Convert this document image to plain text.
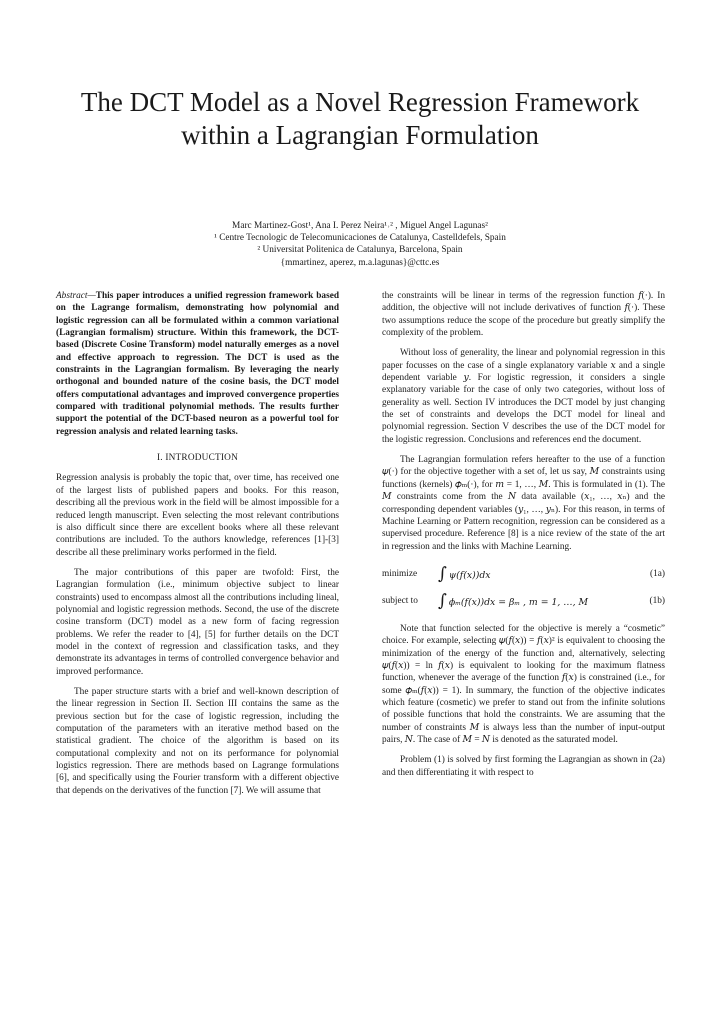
The DCT Model as a Novel Regression Framework within a Lagrangian Formulation
Marc Martinez-Gost¹, Ana I. Perez Neira¹˒² , Miguel Angel Lagunas²
¹ Centre Tecnologic de Telecomunicaciones de Catalunya, Castelldefels, Spain
² Universitat Politenica de Catalunya, Barcelona, Spain
{mmartinez, aperez, m.a.lagunas}@cttc.es

Abstract—This paper introduces a unified regression framework based on the Lagrange formalism, demonstrating how polynomial and logistic regression can all be formulated within a common variational (Lagrangian formalism) structure. Within this framework, the DCT-based (Discrete Cosine Transform) model naturally emerges as a novel and effective approach to regression. The DCT is used as the constraints in the Lagrangian formalism. By leveraging the nearly orthogonal and bounded nature of the cosine basis, the DCT model offers computational advantages and improved convergence properties compared with traditional polynomial methods. The results further support the potential of the DCT-based neuron as a powerful tool for regression analysis and related learning tasks.

I. INTRODUCTION

Regression analysis is probably the topic that, over time, has received one of the largest lists of published papers and books. For this reason, describing all the previous work in the field will be almost impossible for a reduced length manuscript. Even selecting the most relevant contributions is also difficult since there are excellent books where all these relevant contributions are included. To the authors knowledge, references [1]-[3] describe all these preliminary works performed in the field.

The major contributions of this paper are twofold: First, the Lagrangian formulation (i.e., minimum objective subject to linear constraints) used to encompass almost all the contributions including lineal, polynomial and logistic regression methods. Second, the use of the discrete cosine transform (DCT) model as a new form of facing regression problems. We refer the reader to [4], [5] for further details on the DCT model in the context of regression and classification tasks, and they demonstrate its advantages in terms of controlled convergence behavior and improved performance.

The paper structure starts with a brief and well-known description of the linear regression in Section II. Section III contains the same as the previous section but for the case of logistic regression, including the computation of the parameters with an iterative method based on the statistical gradient. The choice of the algorithm is based on its computational complexity and not on its performance for polynomial logistics regression. There are methods based on Lagrange formulations [6], and specifically using the Fourier transform with a different objective that depends on the derivatives of the function [7]. We will assume that

the constraints will be linear in terms of the regression function 𝑓(·). In addition, the objective will not include derivatives of function 𝑓(·). These two assumptions reduce the scope of the procedure but greatly simplify the complexity of the problem.

Without loss of generality, the linear and polynomial regression in this paper focusses on the case of a single explanatory variable 𝑥 and a single dependent variable 𝑦. For logistic regression, it considers a single explanatory variable for the case of only two categories, without loss of generality as well. Section IV introduces the DCT model by just changing the set of constraints and develops the DCT model for lineal and polynomial regression. Section V describes the use of the DCT model for the logistic regression. Conclusions and references end the document.

The Lagrangian formulation refers hereafter to the use of a function 𝜓(·) for the objective together with a set of, let us say, 𝑀 constraints using functions (kernels) 𝜙ₘ(·), for 𝑚 = 1, …, 𝑀. This is formulated in (1). The 𝑀 constraints come from the 𝑁 data available (𝑥₁, …, 𝑥ₙ) and the corresponding dependent variables (𝑦₁, …, 𝑦ₙ). For this reason, in terms of Machine Learning or Pattern recognition, regression can be considered as a supervised procedure. Reference [8] is a nice review of the state of the art in regression and the links with Machine Learning.

minimize	∫ 𝜓(𝑓(𝑥))𝑑𝑥	(1a)
subject to	∫ 𝜙ₘ(𝑓(𝑥))𝑑𝑥 = 𝛽ₘ , 𝑚 = 1, …, 𝑀	(1b)

Note that function selected for the objective is merely a “cosmetic” choice. For example, selecting 𝜓(𝑓(𝑥)) = 𝑓(𝑥)² is equivalent to choosing the minimization of the energy of the function and, alternatively, selecting 𝜓(𝑓(𝑥)) = ln 𝑓(𝑥) is equivalent to looking for the maximum flatness function, whenever the average of the function 𝑓(𝑥) is constrained (i.e., for some 𝜙ₘ(𝑓(𝑥)) = 1). In summary, the function of the objective indicates which feature (cosmetic) we prefer to stand out from the infinite solutions of possible functions that hold the constraints. We are assuming that the number of constraints 𝑀 is always less than the number of input-output pairs, 𝑁. The case of 𝑀 = 𝑁 is denoted as the saturated model.

Problem (1) is solved by first forming the Lagrangian as shown in (2a) and then differentiating it with respect to
